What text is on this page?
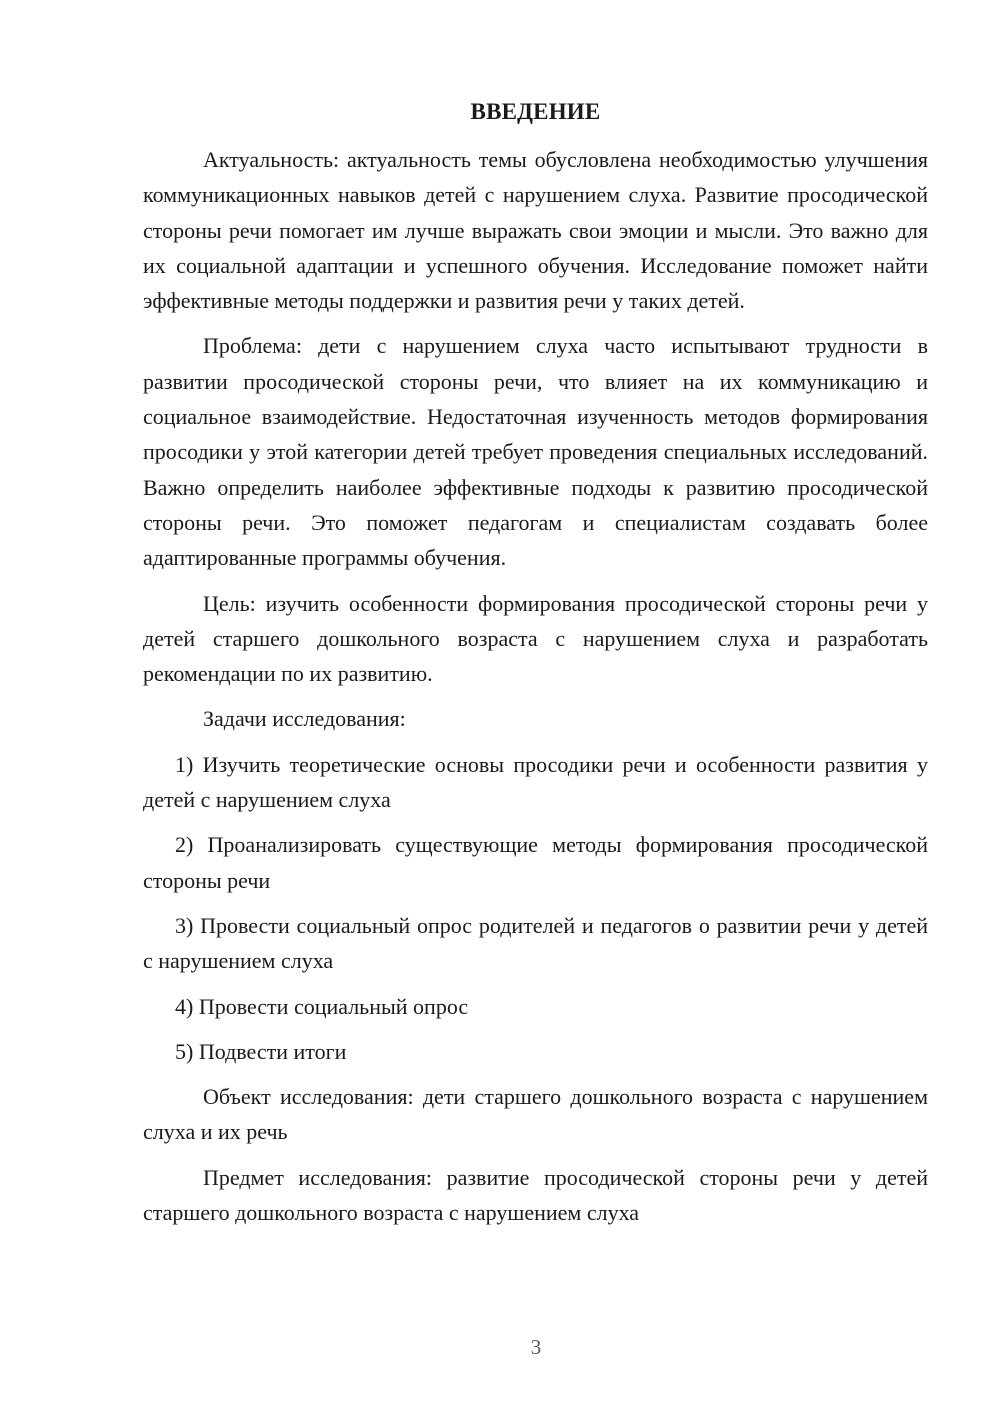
ВВЕДЕНИЕ

Актуальность: актуальность темы обусловлена необходимостью улучшения коммуникационных навыков детей с нарушением слуха. Развитие просодической стороны речи помогает им лучше выражать свои эмоции и мысли. Это важно для их социальной адаптации и успешного обучения. Исследование поможет найти эффективные методы поддержки и развития речи у таких детей.

Проблема: дети с нарушением слуха часто испытывают трудности в развитии просодической стороны речи, что влияет на их коммуникацию и социальное взаимодействие. Недостаточная изученность методов формирования просодики у этой категории детей требует проведения специальных исследований. Важно определить наиболее эффективные подходы к развитию просодической стороны речи. Это поможет педагогам и специалистам создавать более адаптированные программы обучения.

Цель: изучить особенности формирования просодической стороны речи у детей старшего дошкольного возраста с нарушением слуха и разработать рекомендации по их развитию.

Задачи исследования:

1) Изучить теоретические основы просодики речи и особенности развития у детей с нарушением слуха

2) Проанализировать существующие методы формирования просодической стороны речи

3) Провести социальный опрос родителей и педагогов о развитии речи у детей с нарушением слуха

4) Провести социальный опрос

5) Подвести итоги

Объект исследования: дети старшего дошкольного возраста с нарушением слуха и их речь

Предмет исследования: развитие просодической стороны речи у детей старшего дошкольного возраста с нарушением слуха

3
